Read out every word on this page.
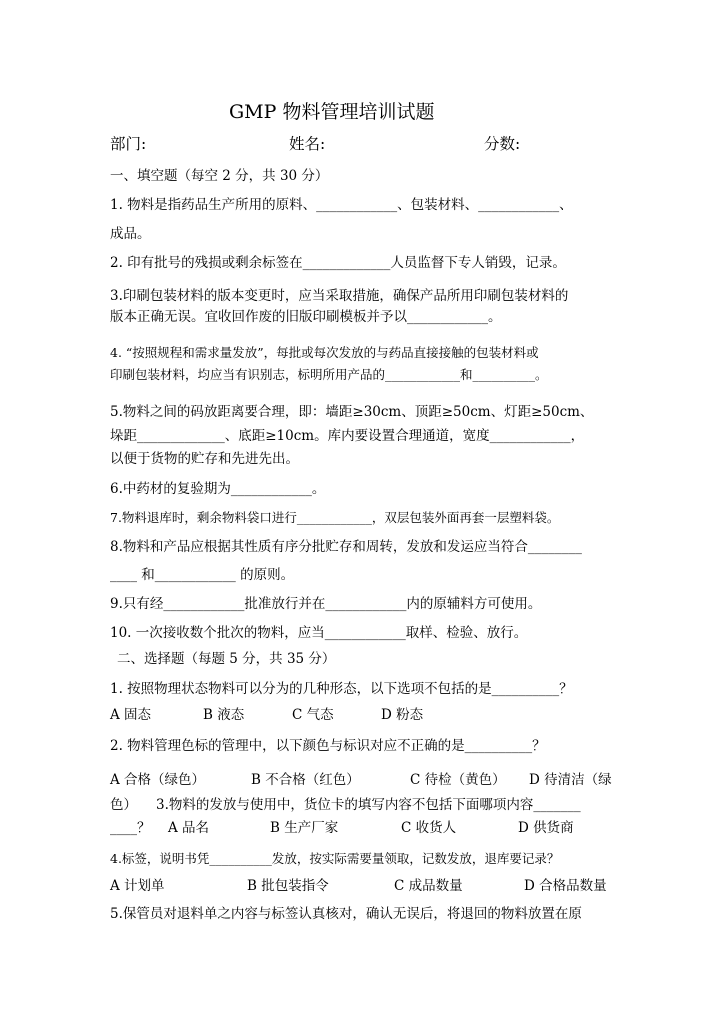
GMP 物料管理培训试题
部门:	姓名:	分数:
一、填空题（每空 2 分，共 30 分）
1. 物料是指药品生产所用的原料、____________、包装材料、____________、
成品。
2. 印有批号的残损或剩余标签在_____________人员监督下专人销毁，记录。
3.印刷包装材料的版本变更时，应当采取措施，确保产品所用印刷包装材料的
版本正确无误。宜收回作废的旧版印刷模板并予以____________。
4. “按照规程和需求量发放”，每批或每次发放的与药品直接接触的包装材料或
印刷包装材料，均应当有识别志，标明所用产品的____________和__________。
5.物料之间的码放距离要合理，即：墙距≥30cm、顶距≥50cm、灯距≥50cm、
垛距_____________、底距≥10cm。库内要设置合理通道，宽度____________，
以便于货物的贮存和先进先出。
6.中药材的复验期为____________。
7.物料退库时，剩余物料袋口进行____________，双层包装外面再套一层塑料袋。
8.物料和产品应根据其性质有序分批贮存和周转，发放和发运应当符合________
____ 和____________ 的原则。
9.只有经____________批准放行并在____________内的原辅料方可使用。
10. 一次接收数个批次的物料，应当____________取样、检验、放行。
二、选择题（每题 5 分，共 35 分）
1. 按照物理状态物料可以分为的几种形态，以下选项不包括的是__________？
A 固态	B 液态	C 气态	D 粉态
2. 物料管理色标的管理中，以下颜色与标识对应不正确的是__________？
A 合格（绿色）	B 不合格（红色）	C 待检（黄色） D 待清洁（绿
色） 3.物料的发放与使用中，货位卡的填写内容不包括下面哪项内容_______
____？ A 品名	B 生产厂家	C 收货人	D 供货商
4.标签，说明书凭__________发放，按实际需要量领取，记数发放，退库要记录？
A 计划单	B 批包装指令	C 成品数量	D 合格品数量
5.保管员对退料单之内容与标签认真核对，确认无误后，将退回的物料放置在原
